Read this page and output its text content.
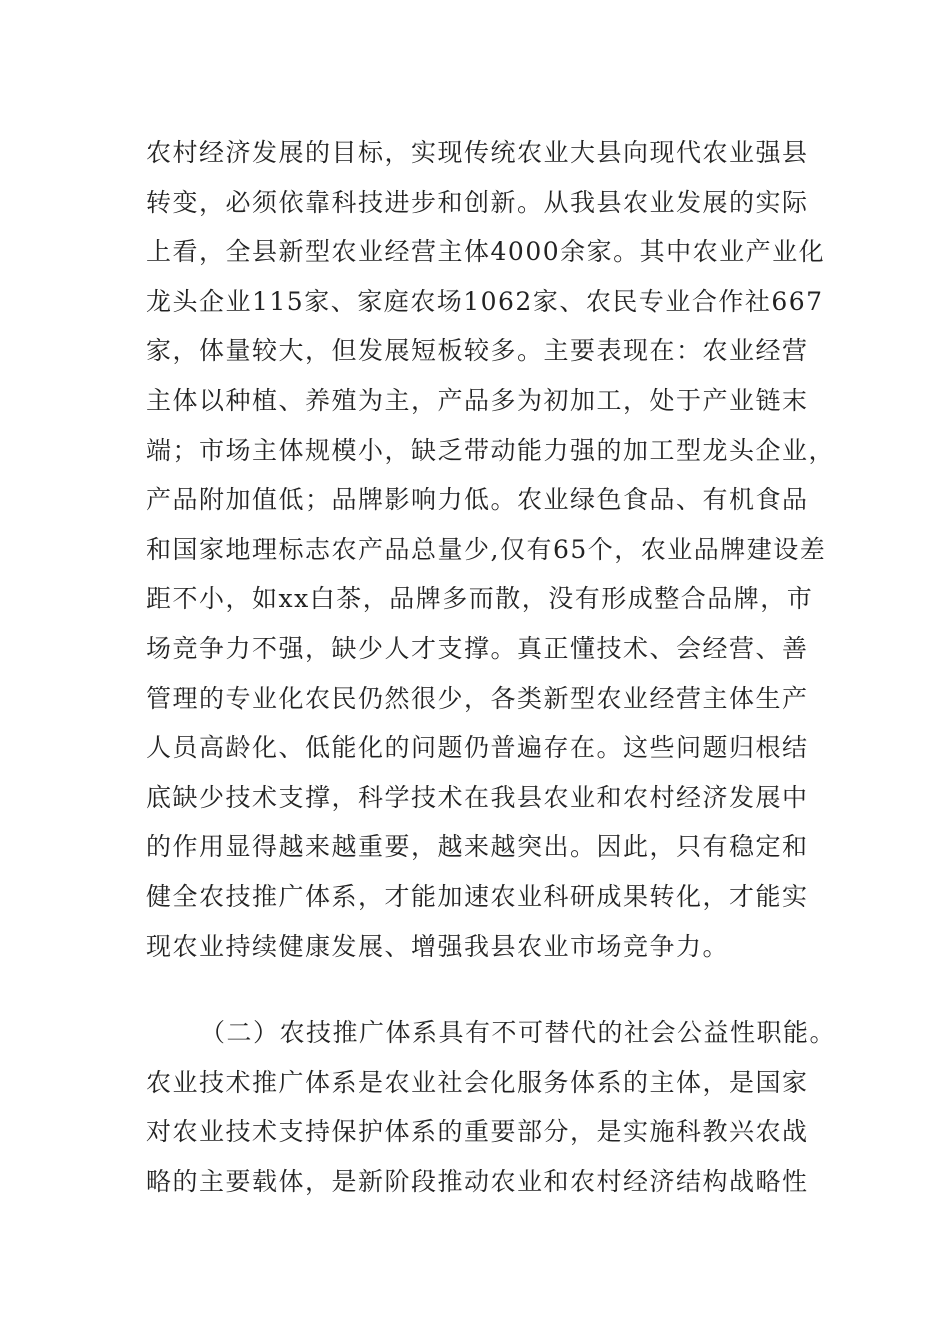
农村经济发展的目标，实现传统农业大县向现代农业强县
转变，必须依靠科技进步和创新。从我县农业发展的实际
上看，全县新型农业经营主体4000余家。其中农业产业化
龙头企业115家、家庭农场1062家、农民专业合作社667
家，体量较大，但发展短板较多。主要表现在：农业经营
主体以种植、养殖为主，产品多为初加工，处于产业链末
端；市场主体规模小，缺乏带动能力强的加工型龙头企业，
产品附加值低；品牌影响力低。农业绿色食品、有机食品
和国家地理标志农产品总量少,仅有65个，农业品牌建设差
距不小，如xx白茶，品牌多而散，没有形成整合品牌，市
场竞争力不强，缺少人才支撑。真正懂技术、会经营、善
管理的专业化农民仍然很少，各类新型农业经营主体生产
人员高龄化、低能化的问题仍普遍存在。这些问题归根结
底缺少技术支撑，科学技术在我县农业和农村经济发展中
的作用显得越来越重要，越来越突出。因此，只有稳定和
健全农技推广体系，才能加速农业科研成果转化，才能实
现农业持续健康发展、增强我县农业市场竞争力。
（二）农技推广体系具有不可替代的社会公益性职能。
农业技术推广体系是农业社会化服务体系的主体，是国家
对农业技术支持保护体系的重要部分，是实施科教兴农战
略的主要载体，是新阶段推动农业和农村经济结构战略性
